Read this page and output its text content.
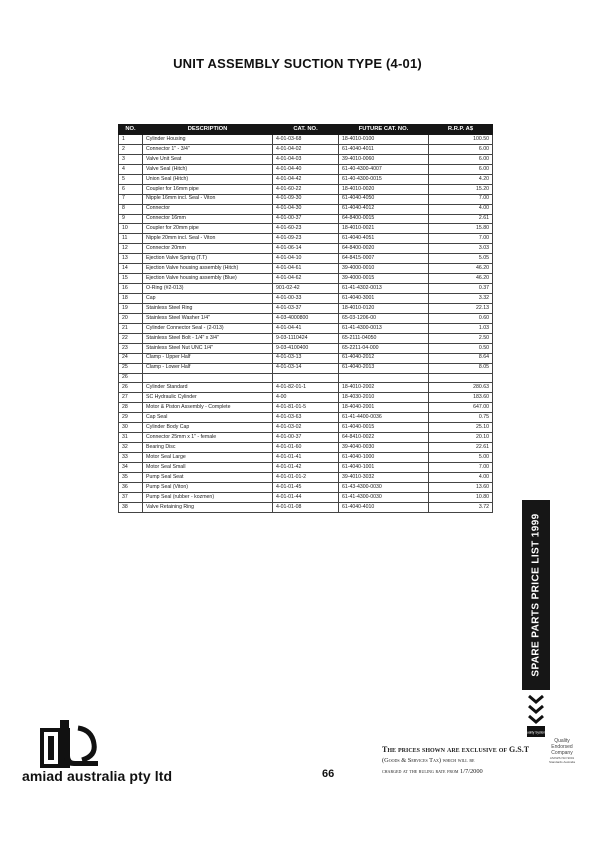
UNIT ASSEMBLY SUCTION TYPE (4-01)
NO.	DESCRIPTION	CAT. NO.	FUTURE CAT. NO.	R.R.P. A$
1	Cylinder Housing	4-01-03-68	18-4010-0100	100.50
2	Connector 1" - 3/4"	4-01-04-02	61-4040-4011	6.00
3	Valve Unit Seat	4-01-04-03	39-4010-0060	6.00
4	Valve Seal (Hitch)	4-01-04-40	61-40-4300-4007	6.00
5	Union Seal (Hitch)	4-01-04-42	61-40-4300-0015	4.20
6	Coupler for 16mm pipe	4-01-60-22	18-4010-0020	15.20
7	Nipple 16mm incl. Seal - Viton	4-01-09-30	61-4040-4050	7.00
8	Connector	4-01-04-30	61-4040-4012	4.00
9	Connector 16mm	4-01-00-37	64-8400-0015	2.61
10	Coupler for 20mm pipe	4-01-60-23	18-4010-0021	15.80
11	Nipple 20mm incl. Seal - Viton	4-01-09-23	61-4040-4051	7.00
12	Connector 20mm	4-01-06-14	64-8400-0020	3.03
13	Ejection Valve Spring (T.T)	4-01-04-10	64-8415-0007	5.05
14	Ejection Valve housing assembly (Hitch)	4-01-04-61	39-4000-0010	46.20
15	Ejection Valve housing assembly (Blue)	4-01-04-62	39-4000-0015	46.20
16	O-Ring (#2-013)	901-02-42	61-41-4302-0013	0.37
18	Cap	4-01-00-33	61-4040-3001	3.32
19	Stainless Steel Ring	4-01-03-37	18-4010-0120	22.13
20	Stainless Steel Washer 1/4"	4-03-4000800	65-03-1206-00	0.60
21	Cylinder Connector Seal - (2-013)	4-01-04-41	61-41-4300-0013	1.03
22	Stainless Steel Bolt - 1/4" x 3/4"	9-03-1110424	65-2111-04050	2.50
23	Stainless Steel Nut UNC 1/4"	9-03-4100400	65-2211-04-000	0.50
24	Clamp - Upper Half	4-01-03-13	61-4040-2012	8.64
25	Clamp - Lower Half	4-01-03-14	61-4040-2013	8.05
26				
26	Cylinder Standard	4-01-82-01-1	18-4010-2002	280.63
27	SC Hydraulic Cylinder	4-00	18-4030-2010	183.60
28	Motor & Piston Assembly - Complete	4-01-81-01-5	18-4040-2001	647.00
29	Cap Seal	4-01-03-63	61-41-4400-0036	0.75
30	Cylinder Body Cap	4-01-03-02	61-4040-0015	25.10
31	Connector 25mm x 1" - female	4-01-00-37	64-8410-0022	20.10
32	Bearing Disc	4-01-01-60	39-4040-0030	22.61
33	Motor Seal Large	4-01-01-41	61-4040-1000	5.00
34	Motor Seal Small	4-01-01-42	61-4040-1001	7.00
35	Pump Seal Seat	4-01-01-01-2	39-4010-3032	4.00
36	Pump Seal (Viton)	4-01-01-45	61-43-4300-0030	13.60
37	Pump Seal (rubber - kozmen)	4-01-01-44	61-41-4300-0030	10.80
38	Valve Retaining Ring	4-01-01-08	61-4040-4010	3.72
SPARE PARTS PRICE LIST 1999
Quality Systems
amiad australia pty ltd	66
The prices shown are exclusive of G.S.T
(Goods & Services Tax) which will be
charged at the ruling rate from 1/7/2000
Quality
Endorsed
Company
AS/NZS ISO 9001
Standards Australia
